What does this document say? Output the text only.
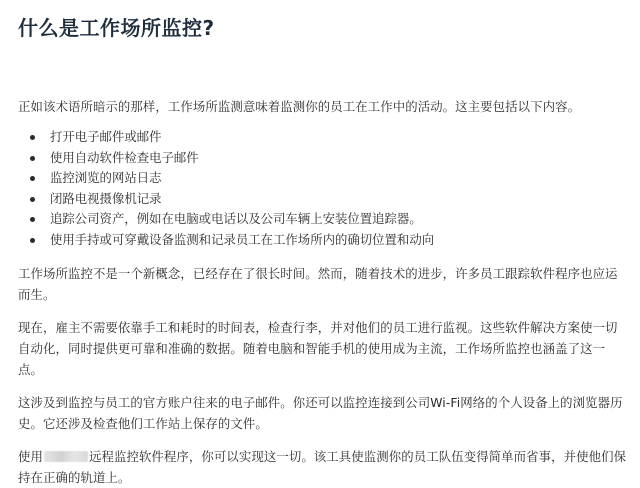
什么是工作场所监控?

正如该术语所暗示的那样，工作场所监测意味着监测你的员工在工作中的活动。这主要包括以下内容。

打开电子邮件或邮件
使用自动软件检查电子邮件
监控浏览的网站日志
闭路电视摄像机记录
追踪公司资产，例如在电脑或电话以及公司车辆上安装位置追踪器。
使用手持或可穿戴设备监测和记录员工在工作场所内的确切位置和动向

工作场所监控不是一个新概念，已经存在了很长时间。然而，随着技术的进步，许多员工跟踪软件程序也应运而生。

现在，雇主不需要依靠手工和耗时的时间表，检查行李，并对他们的员工进行监视。这些软件解决方案使一切自动化，同时提供更可靠和准确的数据。随着电脑和智能手机的使用成为主流，工作场所监控也涵盖了这一点。

这涉及到监控与员工的官方账户往来的电子邮件。你还可以监控连接到公司Wi-Fi网络的个人设备上的浏览器历史。它还涉及检查他们工作站上保存的文件。

使用	远程监控软件程序，你可以实现这一切。该工具使监测你的员工队伍变得简单而省事，并使他们保持在正确的轨道上。
